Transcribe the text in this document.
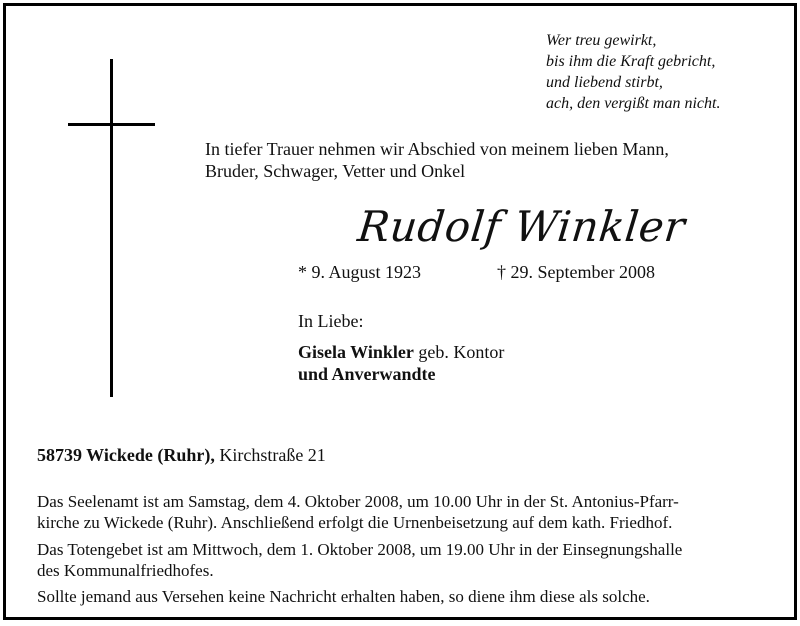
Wer treu gewirkt,
bis ihm die Kraft gebricht,
und liebend stirbt,
ach, den vergißt man nicht.
In tiefer Trauer nehmen wir Abschied von meinem lieben Mann,
Bruder, Schwager, Vetter und Onkel
Rudolf Winkler
* 9. August 1923	† 29. September 2008
In Liebe:
Gisela Winkler geb. Kontor
und Anverwandte
58739 Wickede (Ruhr), Kirchstraße 21
Das Seelenamt ist am Samstag, dem 4. Oktober 2008, um 10.00 Uhr in der St. Antonius-Pfarr-
kirche zu Wickede (Ruhr). Anschließend erfolgt die Urnenbeisetzung auf dem kath. Friedhof.
Das Totengebet ist am Mittwoch, dem 1. Oktober 2008, um 19.00 Uhr in der Einsegnungshalle
des Kommunalfriedhofes.
Sollte jemand aus Versehen keine Nachricht erhalten haben, so diene ihm diese als solche.
